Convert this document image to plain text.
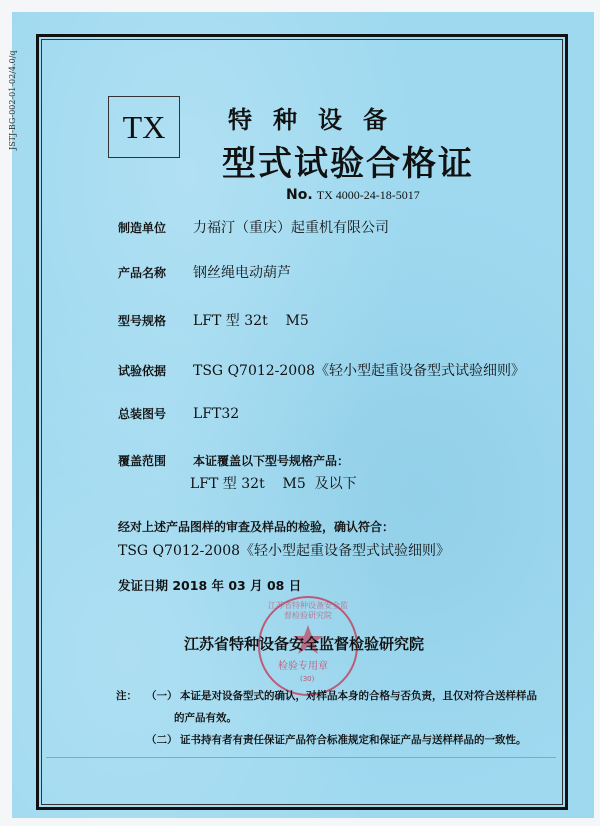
JSTJ-BG-002-01-02/4.0/q	TX	特种设备
型式试验合格证
No. TX 4000-24-18-5017
制造单位 力福汀（重庆）起重机有限公司
产品名称 钢丝绳电动葫芦
型号规格 LFT 型 32t    M5
试验依据 TSG Q7012-2008《轻小型起重设备型式试验细则》
总装图号 LFT32
覆盖范围 本证覆盖以下型号规格产品：
LFT 型 32t    M5  及以下
经对上述产品图样的审查及样品的检验，确认符合：
TSG Q7012-2008《轻小型起重设备型式试验细则》
发证日期 2018 年 03 月 08 日
江苏省特种设备安全监督检验研究院
检验专用章
(30)
江苏省特种设备安全监督检验研究院
注： （一） 本证是对设备型式的确认，对样品本身的合格与否负责，且仅对符合送样样品
的产品有效。
（二） 证书持有者有责任保证产品符合标准规定和保证产品与送样样品的一致性。
